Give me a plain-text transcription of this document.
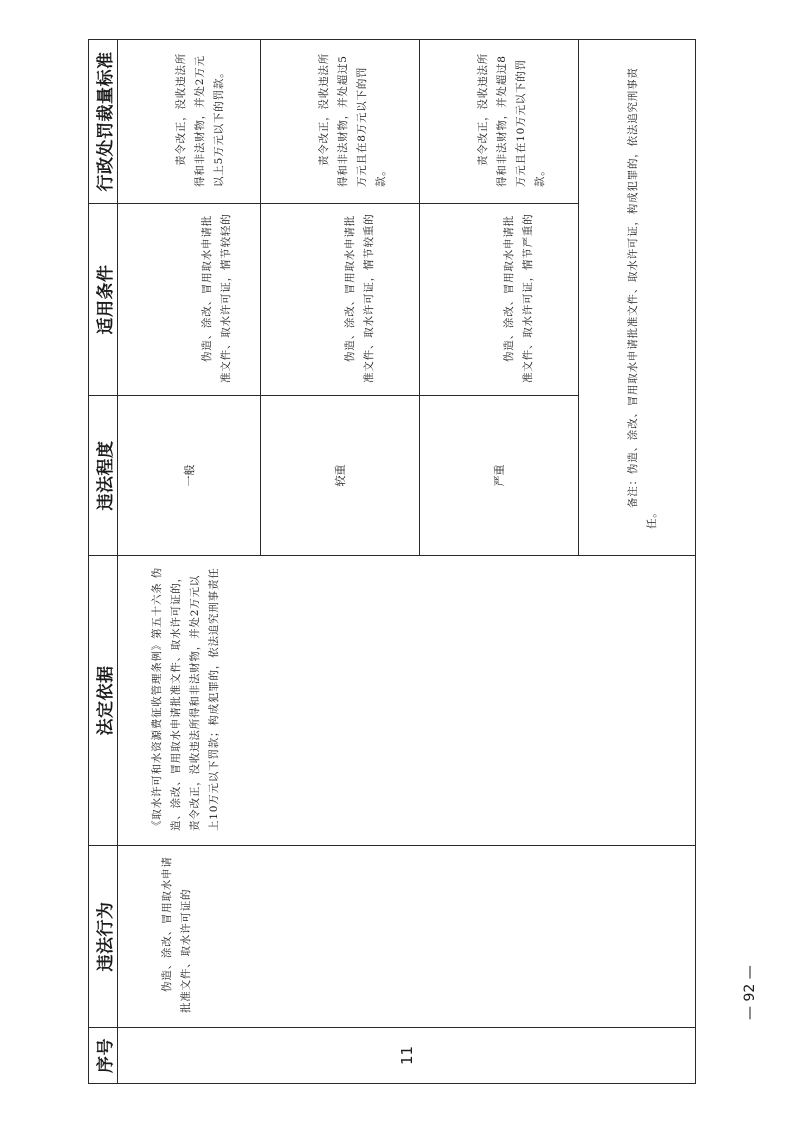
序号	违法行为	法定依据	违法程度	适用条件	行政处罚裁量标准
11	伪造、涂改、冒用取水申请批准文件、取水许可证的	《取水许可和水资源费征收管理条例》第五十六条 伪造、涂改、冒用取水申请批准文件、取水许可证的，责令改正，没收违法所得和非法财物，并处2万元以上10万元以下罚款；构成犯罪的，依法追究刑事责任	一般	伪造、涂改、冒用取水申请批准文件、取水许可证，情节较轻的	责令改正，没收违法所得和非法财物，并处2万元以上5万元以下的罚款。

			较重	伪造、涂改、冒用取水申请批准文件、取水许可证，情节较重的	责令改正，没收违法所得和非法财物，并处超过5万元且在8万元以下的罚款。

			严重	伪造、涂改、冒用取水申请批准文件、取水许可证，情节严重的	责令改正，没收违法所得和非法财物，并处超过8万元且在10万元以下的罚款。

			备注：伪造、涂改、冒用取水申请批准文件、取水许可证，构成犯罪的，依法追究刑事责任。		
— 92 —
